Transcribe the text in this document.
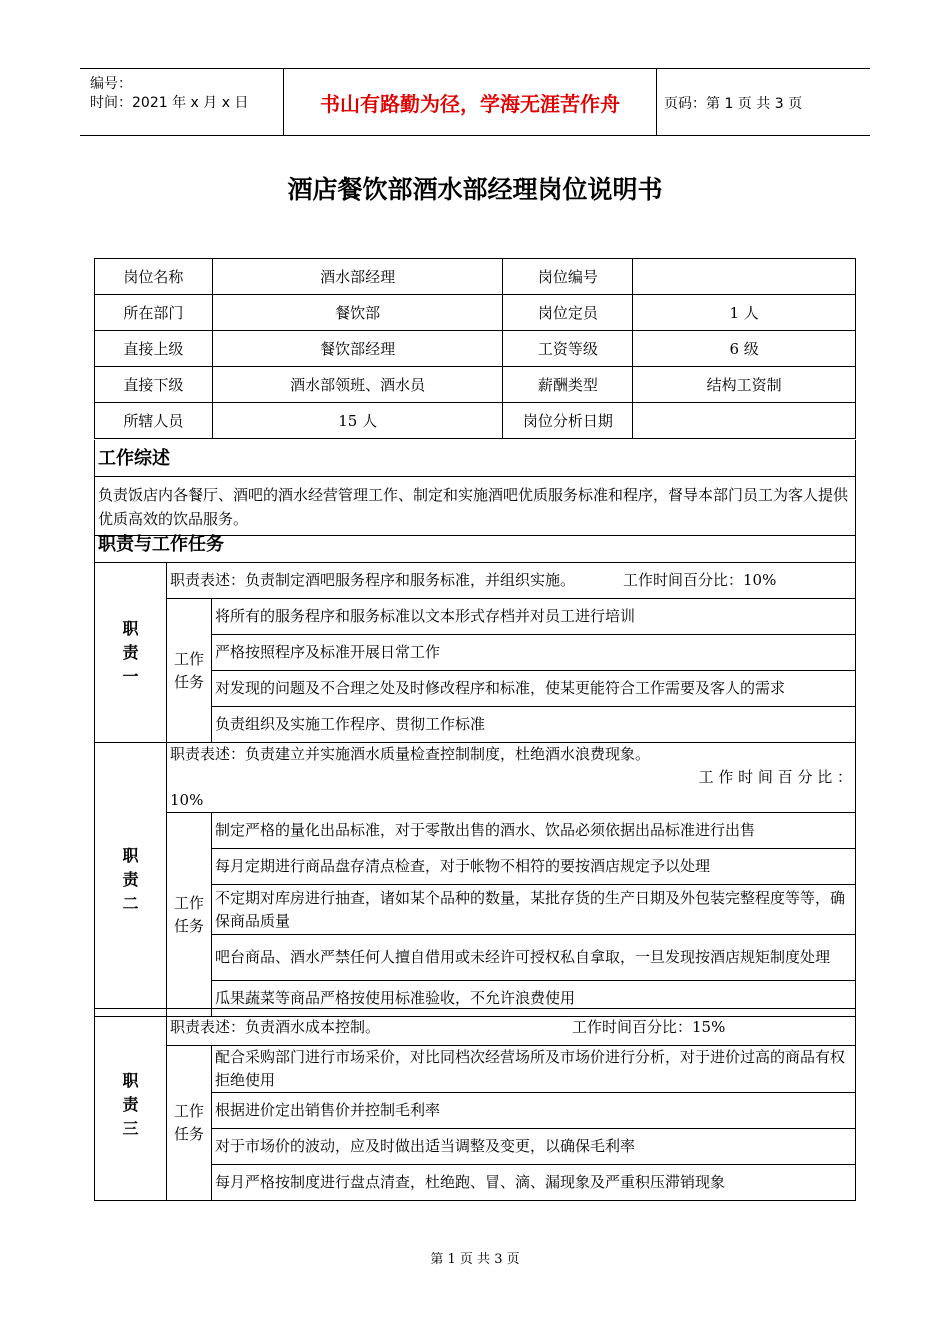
编号：
时间：2021 年 x 月 x 日	书山有路勤为径，学海无涯苦作舟	页码：第 1 页 共 3 页
酒店餐饮部酒水部经理岗位说明书
岗位名称	酒水部经理	岗位编号	
所在部门	餐饮部	岗位定员	1 人
直接上级	餐饮部经理	工资等级	6 级
直接下级	酒水部领班、酒水员	薪酬类型	结构工资制
所辖人员	15 人	岗位分析日期	
工作综述
负责饭店内各餐厅、酒吧的酒水经营管理工作、制定和实施酒吧优质服务标准和程序，督导本部门员工为客人提供优质高效的饮品服务。
职责与工作任务
职责一	职责表述：负责制定酒吧服务程序和服务标准，并组织实施。 工作时间百分比：10%	
	工作任务	将所有的服务程序和服务标准以文本形式存档并对员工进行培训
		严格按照程序及标准开展日常工作
		对发现的问题及不合理之处及时修改程序和标准，使某更能符合工作需要及客人的需求
		负责组织及实施工作程序、贯彻工作标准
职责二	职责表述：负责建立并实施酒水质量检查控制制度，杜绝酒水浪费现象。
工 作 时 间 百 分 比 ：
10%	

	工作任务	制定严格的量化出品标准，对于零散出售的酒水、饮品必须依据出品标准进行出售
		每月定期进行商品盘存清点检查，对于帐物不相符的要按酒店规定予以处理
		不定期对库房进行抽查，诸如某个品种的数量，某批存货的生产日期及外包装完整程度等等，确保商品质量
		吧台商品、酒水严禁任何人擅自借用或未经许可授权私自拿取，一旦发现按酒店规矩制度处理
		瓜果蔬菜等商品严格按使用标准验收，不允许浪费使用
职责三	职责表述：负责酒水成本控制。 工作时间百分比：15%	
	工作任务	配合采购部门进行市场采价，对比同档次经营场所及市场价进行分析，对于进价过高的商品有权拒绝使用
		根据进价定出销售价并控制毛利率
		对于市场价的波动，应及时做出适当调整及变更，以确保毛利率
		每月严格按制度进行盘点清查，杜绝跑、冒、滴、漏现象及严重积压滞销现象
第 1 页 共 3 页
